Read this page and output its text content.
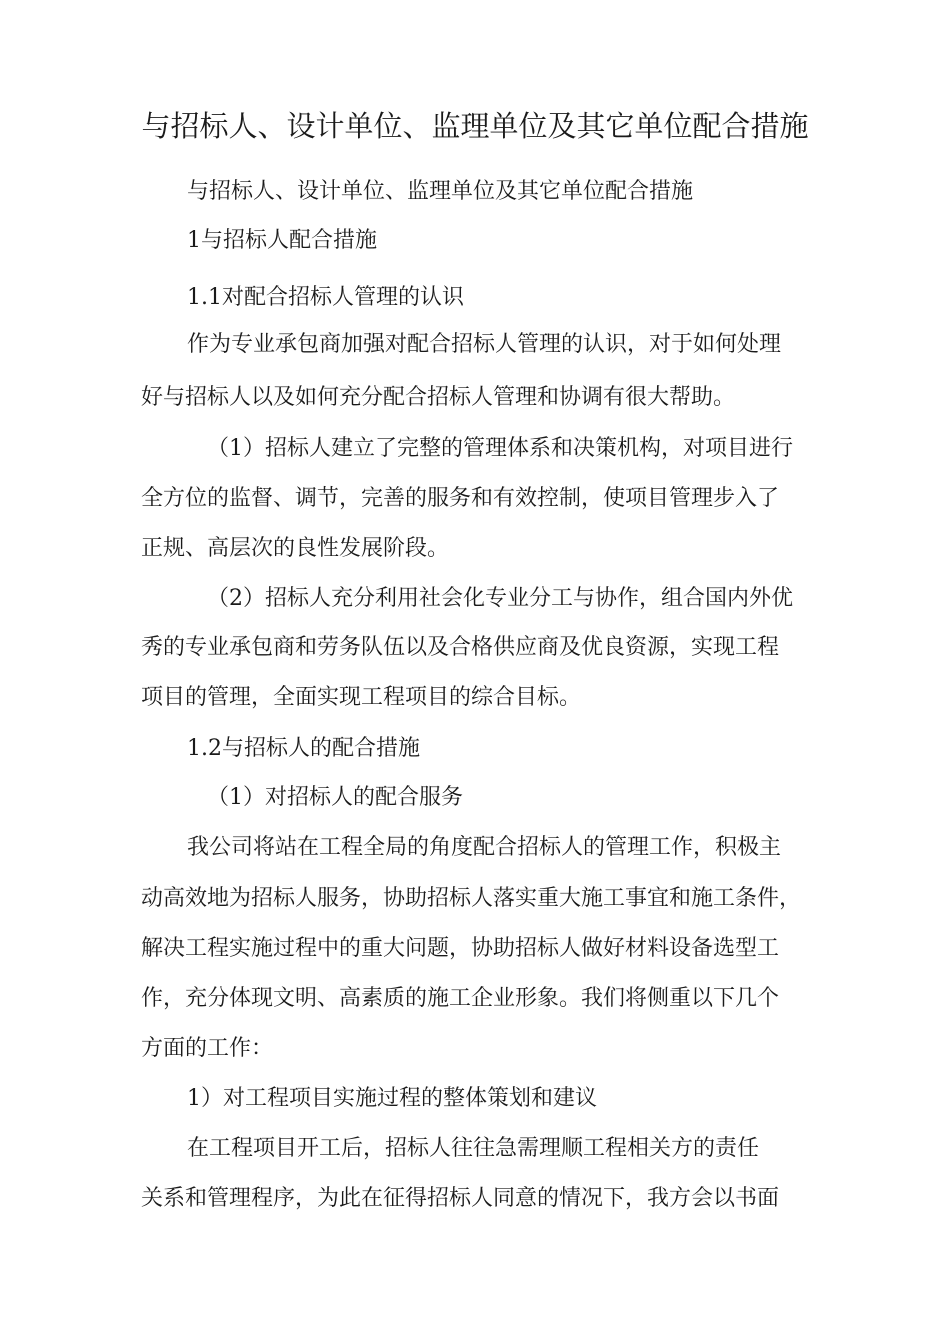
与招标人、设计单位、监理单位及其它单位配合措施
与招标人、设计单位、监理单位及其它单位配合措施
1与招标人配合措施
1.1对配合招标人管理的认识
作为专业承包商加强对配合招标人管理的认识，对于如何处理
好与招标人以及如何充分配合招标人管理和协调有很大帮助。
（1）招标人建立了完整的管理体系和决策机构，对项目进行
全方位的监督、调节，完善的服务和有效控制，使项目管理步入了
正规、高层次的良性发展阶段。
（2）招标人充分利用社会化专业分工与协作，组合国内外优
秀的专业承包商和劳务队伍以及合格供应商及优良资源，实现工程
项目的管理，全面实现工程项目的综合目标。
1.2与招标人的配合措施
（1）对招标人的配合服务
我公司将站在工程全局的角度配合招标人的管理工作，积极主
动高效地为招标人服务，协助招标人落实重大施工事宜和施工条件，
解决工程实施过程中的重大问题，协助招标人做好材料设备选型工
作，充分体现文明、高素质的施工企业形象。我们将侧重以下几个
方面的工作：
1）对工程项目实施过程的整体策划和建议
在工程项目开工后，招标人往往急需理顺工程相关方的责任
关系和管理程序，为此在征得招标人同意的情况下，我方会以书面
